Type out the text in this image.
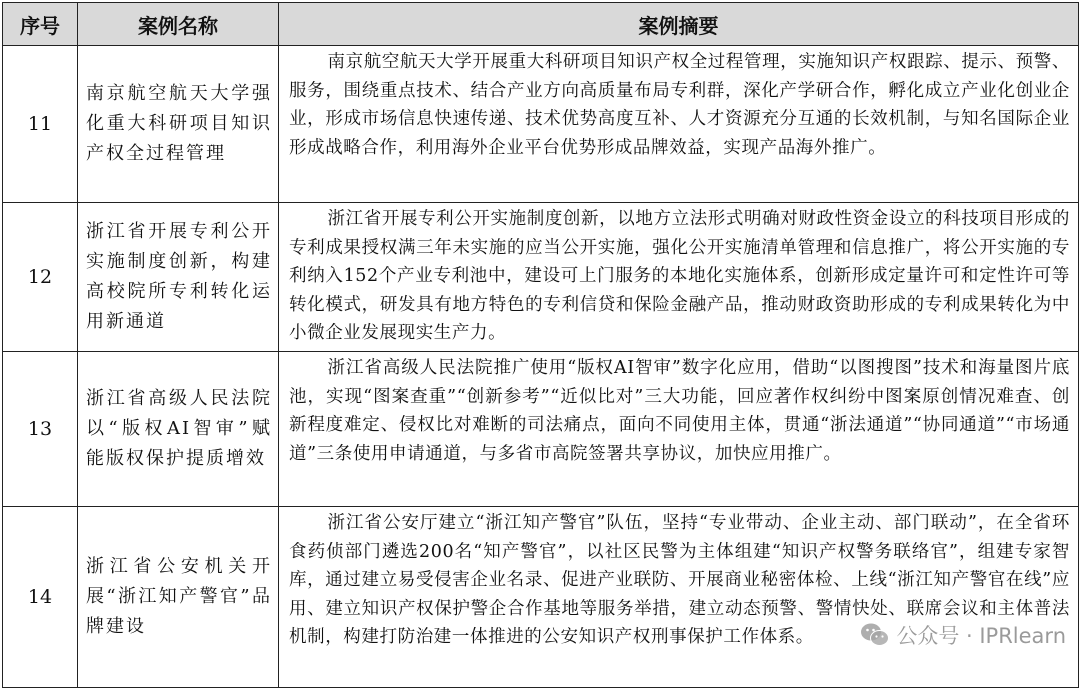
序号	案例名称	案例摘要
11	南京航空航天大学强化重大科研项目知识产权全过程管理	南京航空航天大学开展重大科研项目知识产权全过程管理，实施知识产权跟踪、提示、预警、服务，围绕重点技术、结合产业方向高质量布局专利群，深化产学研合作，孵化成立产业化创业企业，形成市场信息快速传递、技术优势高度互补、人才资源充分互通的长效机制，与知名国际企业形成战略合作，利用海外企业平台优势形成品牌效益，实现产品海外推广。
12	浙江省开展专利公开实施制度创新，构建高校院所专利转化运用新通道	浙江省开展专利公开实施制度创新，以地方立法形式明确对财政性资金设立的科技项目形成的专利成果授权满三年未实施的应当公开实施，强化公开实施清单管理和信息推广，将公开实施的专利纳入152个产业专利池中，建设可上门服务的本地化实施体系，创新形成定量许可和定性许可等转化模式，研发具有地方特色的专利信贷和保险金融产品，推动财政资助形成的专利成果转化为中小微企业发展现实生产力。
13	浙江省高级人民法院以“版权AI智审”赋能版权保护提质增效	浙江省高级人民法院推广使用“版权AI智审”数字化应用，借助“以图搜图”技术和海量图片底池，实现“图案查重”“创新参考”“近似比对”三大功能，回应著作权纠纷中图案原创情况难查、创新程度难定、侵权比对难断的司法痛点，面向不同使用主体，贯通“浙法通道”“协同通道”“市场通道”三条使用申请通道，与多省市高院签署共享协议，加快应用推广。
14	浙江省公安机关开展“浙江知产警官”品牌建设	浙江省公安厅建立“浙江知产警官”队伍，坚持“专业带动、企业主动、部门联动”，在全省环食药侦部门遴选200名“知产警官”，以社区民警为主体组建“知识产权警务联络官”，组建专家智库，通过建立易受侵害企业名录、促进产业联防、开展商业秘密体检、上线“浙江知产警官在线”应用、建立知识产权保护警企合作基地等服务举措，建立动态预警、警情快处、联席会议和主体普法机制，构建打防治建一体推进的公安知识产权刑事保护工作体系。	公众号 · IPRlearn
